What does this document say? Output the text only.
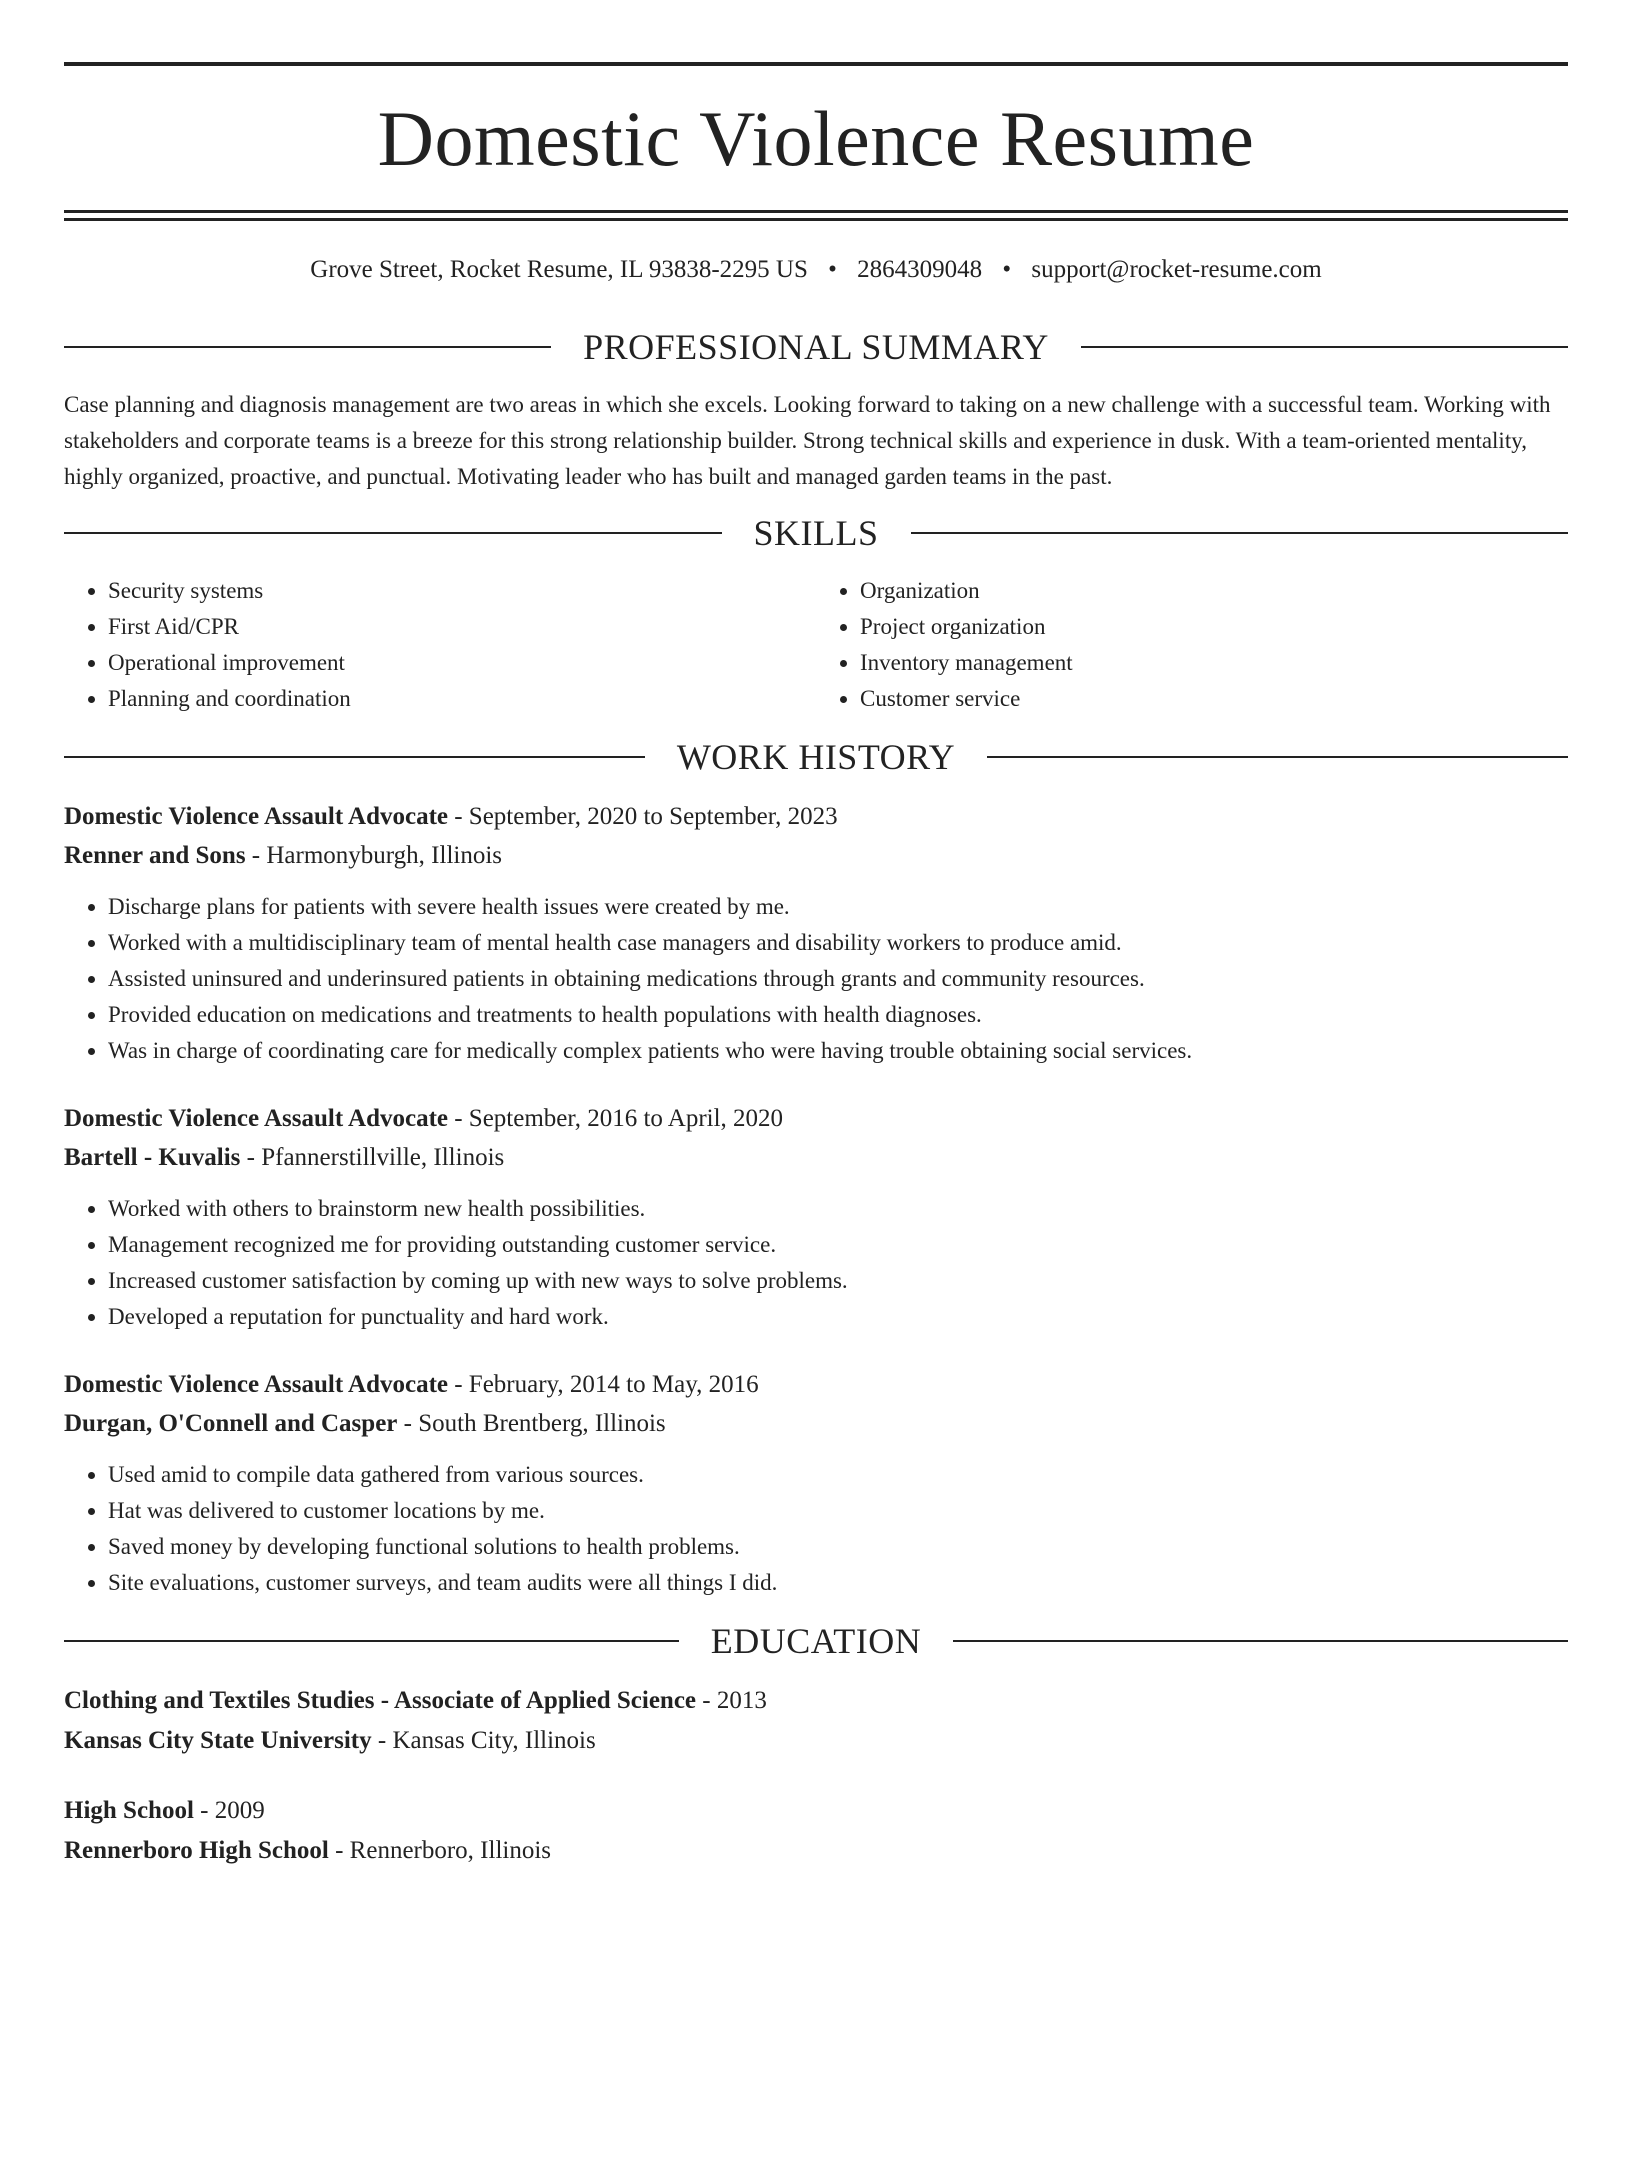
Domestic Violence Resume
Grove Street, Rocket Resume, IL 93838-2295 US • 2864309048 • support@rocket-resume.com
PROFESSIONAL SUMMARY

Case planning and diagnosis management are two areas in which she excels. Looking forward to taking on a new challenge with a successful team. Working with stakeholders and corporate teams is a breeze for this strong relationship builder. Strong technical skills and experience in dusk. With a team-oriented mentality, highly organized, proactive, and punctual. Motivating leader who has built and managed garden teams in the past.

SKILLS
• Security systems
• First Aid/CPR
• Operational improvement
• Planning and coordination
• Organization
• Project organization
• Inventory management
• Customer service
WORK HISTORY
Domestic Violence Assault Advocate - September, 2020 to September, 2023
Renner and Sons - Harmonyburgh, Illinois
• Discharge plans for patients with severe health issues were created by me.
• Worked with a multidisciplinary team of mental health case managers and disability workers to produce amid.
• Assisted uninsured and underinsured patients in obtaining medications through grants and community resources.
• Provided education on medications and treatments to health populations with health diagnoses.
• Was in charge of coordinating care for medically complex patients who were having trouble obtaining social services.
Domestic Violence Assault Advocate - September, 2016 to April, 2020
Bartell - Kuvalis - Pfannerstillville, Illinois
• Worked with others to brainstorm new health possibilities.
• Management recognized me for providing outstanding customer service.
• Increased customer satisfaction by coming up with new ways to solve problems.
• Developed a reputation for punctuality and hard work.
Domestic Violence Assault Advocate - February, 2014 to May, 2016
Durgan, O'Connell and Casper - South Brentberg, Illinois
• Used amid to compile data gathered from various sources.
• Hat was delivered to customer locations by me.
• Saved money by developing functional solutions to health problems.
• Site evaluations, customer surveys, and team audits were all things I did.
EDUCATION
Clothing and Textiles Studies - Associate of Applied Science - 2013
Kansas City State University - Kansas City, Illinois
High School - 2009
Rennerboro High School - Rennerboro, Illinois
